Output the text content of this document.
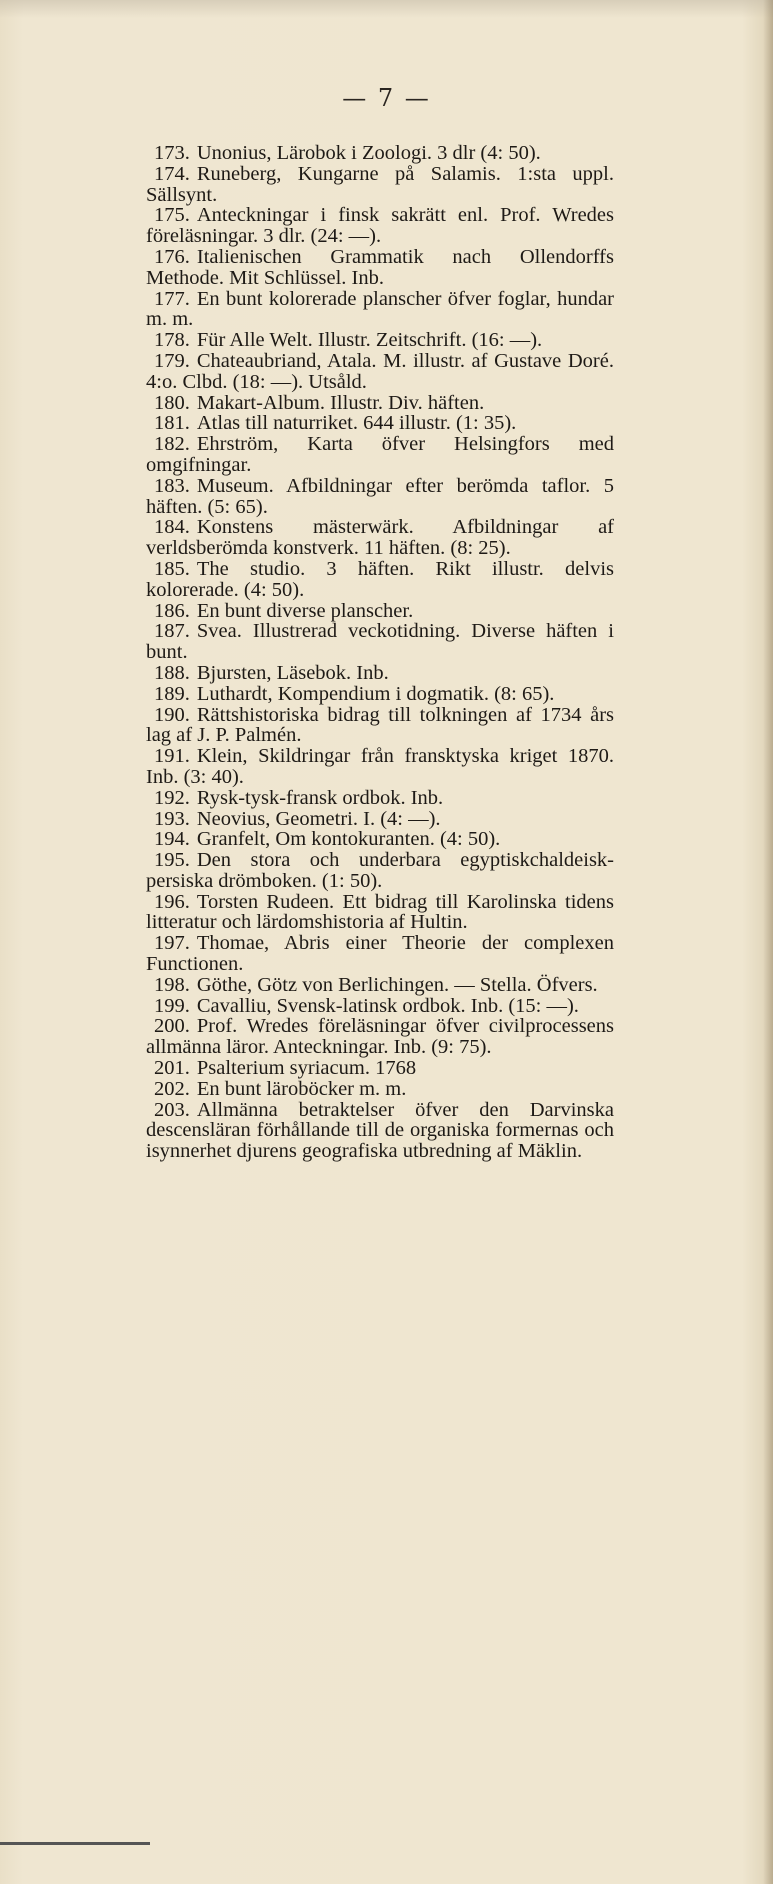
— 7 —

173. Unonius, Lärobok i Zoologi. 3 dlr (4: 50).

174. Runeberg, Kungarne på Salamis. 1:sta uppl. Sällsynt.

175. Anteckningar i finsk sakrätt enl. Prof. Wredes föreläsningar. 3 dlr. (24: —).

176. Italienischen Grammatik nach Ollendorffs Methode. Mit Schlüssel. Inb.

177. En bunt kolorerade planscher öfver foglar, hundar m. m.

178. Für Alle Welt. Illustr. Zeitschrift. (16: —).

179. Chateaubriand, Atala. M. illustr. af Gustave Doré. 4:o. Clbd. (18: —). Utsåld.

180. Makart-Album. Illustr. Div. häften.

181. Atlas till naturriket. 644 illustr. (1: 35).

182. Ehrström, Karta öfver Helsingfors med omgifningar.

183. Museum. Afbildningar efter berömda taflor. 5 häften. (5: 65).

184. Konstens mästerwärk. Afbildningar af verldsberömda konstverk. 11 häften. (8: 25).

185. The studio. 3 häften. Rikt illustr. delvis kolorerade. (4: 50).

186. En bunt diverse planscher.

187. Svea. Illustrerad veckotidning. Diverse häften i bunt.

188. Bjursten, Läsebok. Inb.

189. Luthardt, Kompendium i dogmatik. (8: 65).

190. Rättshistoriska bidrag till tolkningen af 1734 års lag af J. P. Palmén.

191. Klein, Skildringar från fransktyska kriget 1870. Inb. (3: 40).

192. Rysk-tysk-fransk ordbok. Inb.

193. Neovius, Geometri. I. (4: —).

194. Granfelt, Om kontokuranten. (4: 50).

195. Den stora och underbara egyptiskchaldeisk-persiska drömboken. (1: 50).

196. Torsten Rudeen. Ett bidrag till Karolinska tidens litteratur och lärdomshistoria af Hultin.

197. Thomae, Abris einer Theorie der complexen Functionen.

198. Göthe, Götz von Berlichingen. — Stella. Öfvers.

199. Cavalliu, Svensk-latinsk ordbok. Inb. (15: —).

200. Prof. Wredes föreläsningar öfver civilprocessens allmänna läror. Anteckningar. Inb. (9: 75).

201. Psalterium syriacum. 1768

202. En bunt läroböcker m. m.

203. Allmänna betraktelser öfver den Darvinska descensläran förhållande till de organiska formernas och isynnerhet djurens geografiska utbredning af Mäklin.
